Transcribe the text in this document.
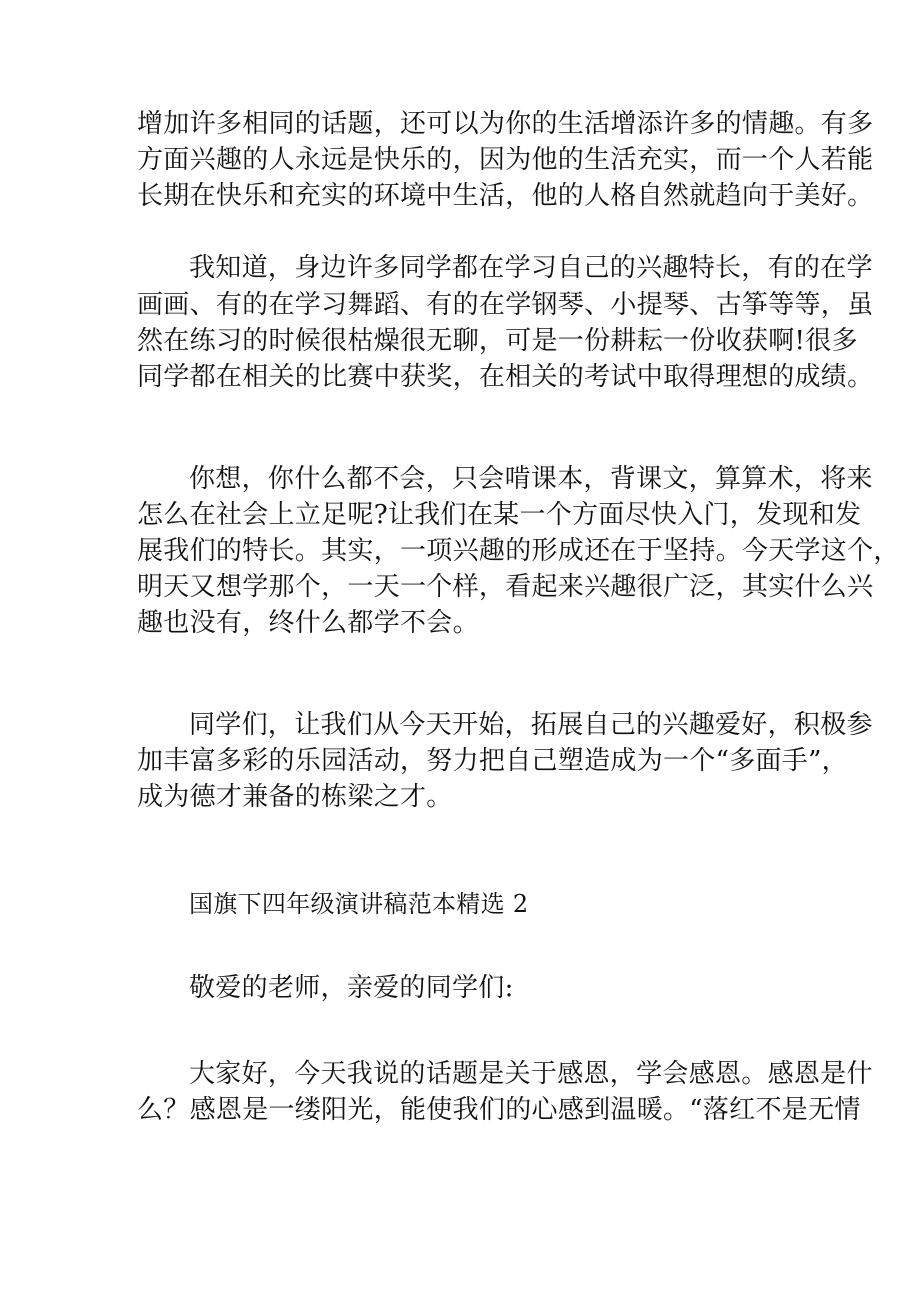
增加许多相同的话题，还可以为你的生活增添许多的情趣。有多

方面兴趣的人永远是快乐的，因为他的生活充实，而一个人若能

长期在快乐和充实的环境中生活，他的人格自然就趋向于美好。

我知道，身边许多同学都在学习自己的兴趣特长，有的在学

画画、有的在学习舞蹈、有的在学钢琴、小提琴、古筝等等，虽

然在练习的时候很枯燥很无聊，可是一份耕耘一份收获啊!很多

同学都在相关的比赛中获奖，在相关的考试中取得理想的成绩。

你想，你什么都不会，只会啃课本，背课文，算算术，将来

怎么在社会上立足呢?让我们在某一个方面尽快入门，发现和发

展我们的特长。其实，一项兴趣的形成还在于坚持。今天学这个，

明天又想学那个，一天一个样，看起来兴趣很广泛，其实什么兴

趣也没有，终什么都学不会。

同学们，让我们从今天开始，拓展自己的兴趣爱好，积极参

加丰富多彩的乐园活动，努力把自己塑造成为一个“多面手”，

成为德才兼备的栋梁之才。

国旗下四年级演讲稿范本精选 2

敬爱的老师，亲爱的同学们:

大家好，今天我说的话题是关于感恩，学会感恩。感恩是什

么？感恩是一缕阳光，能使我们的心感到温暖。“落红不是无情
